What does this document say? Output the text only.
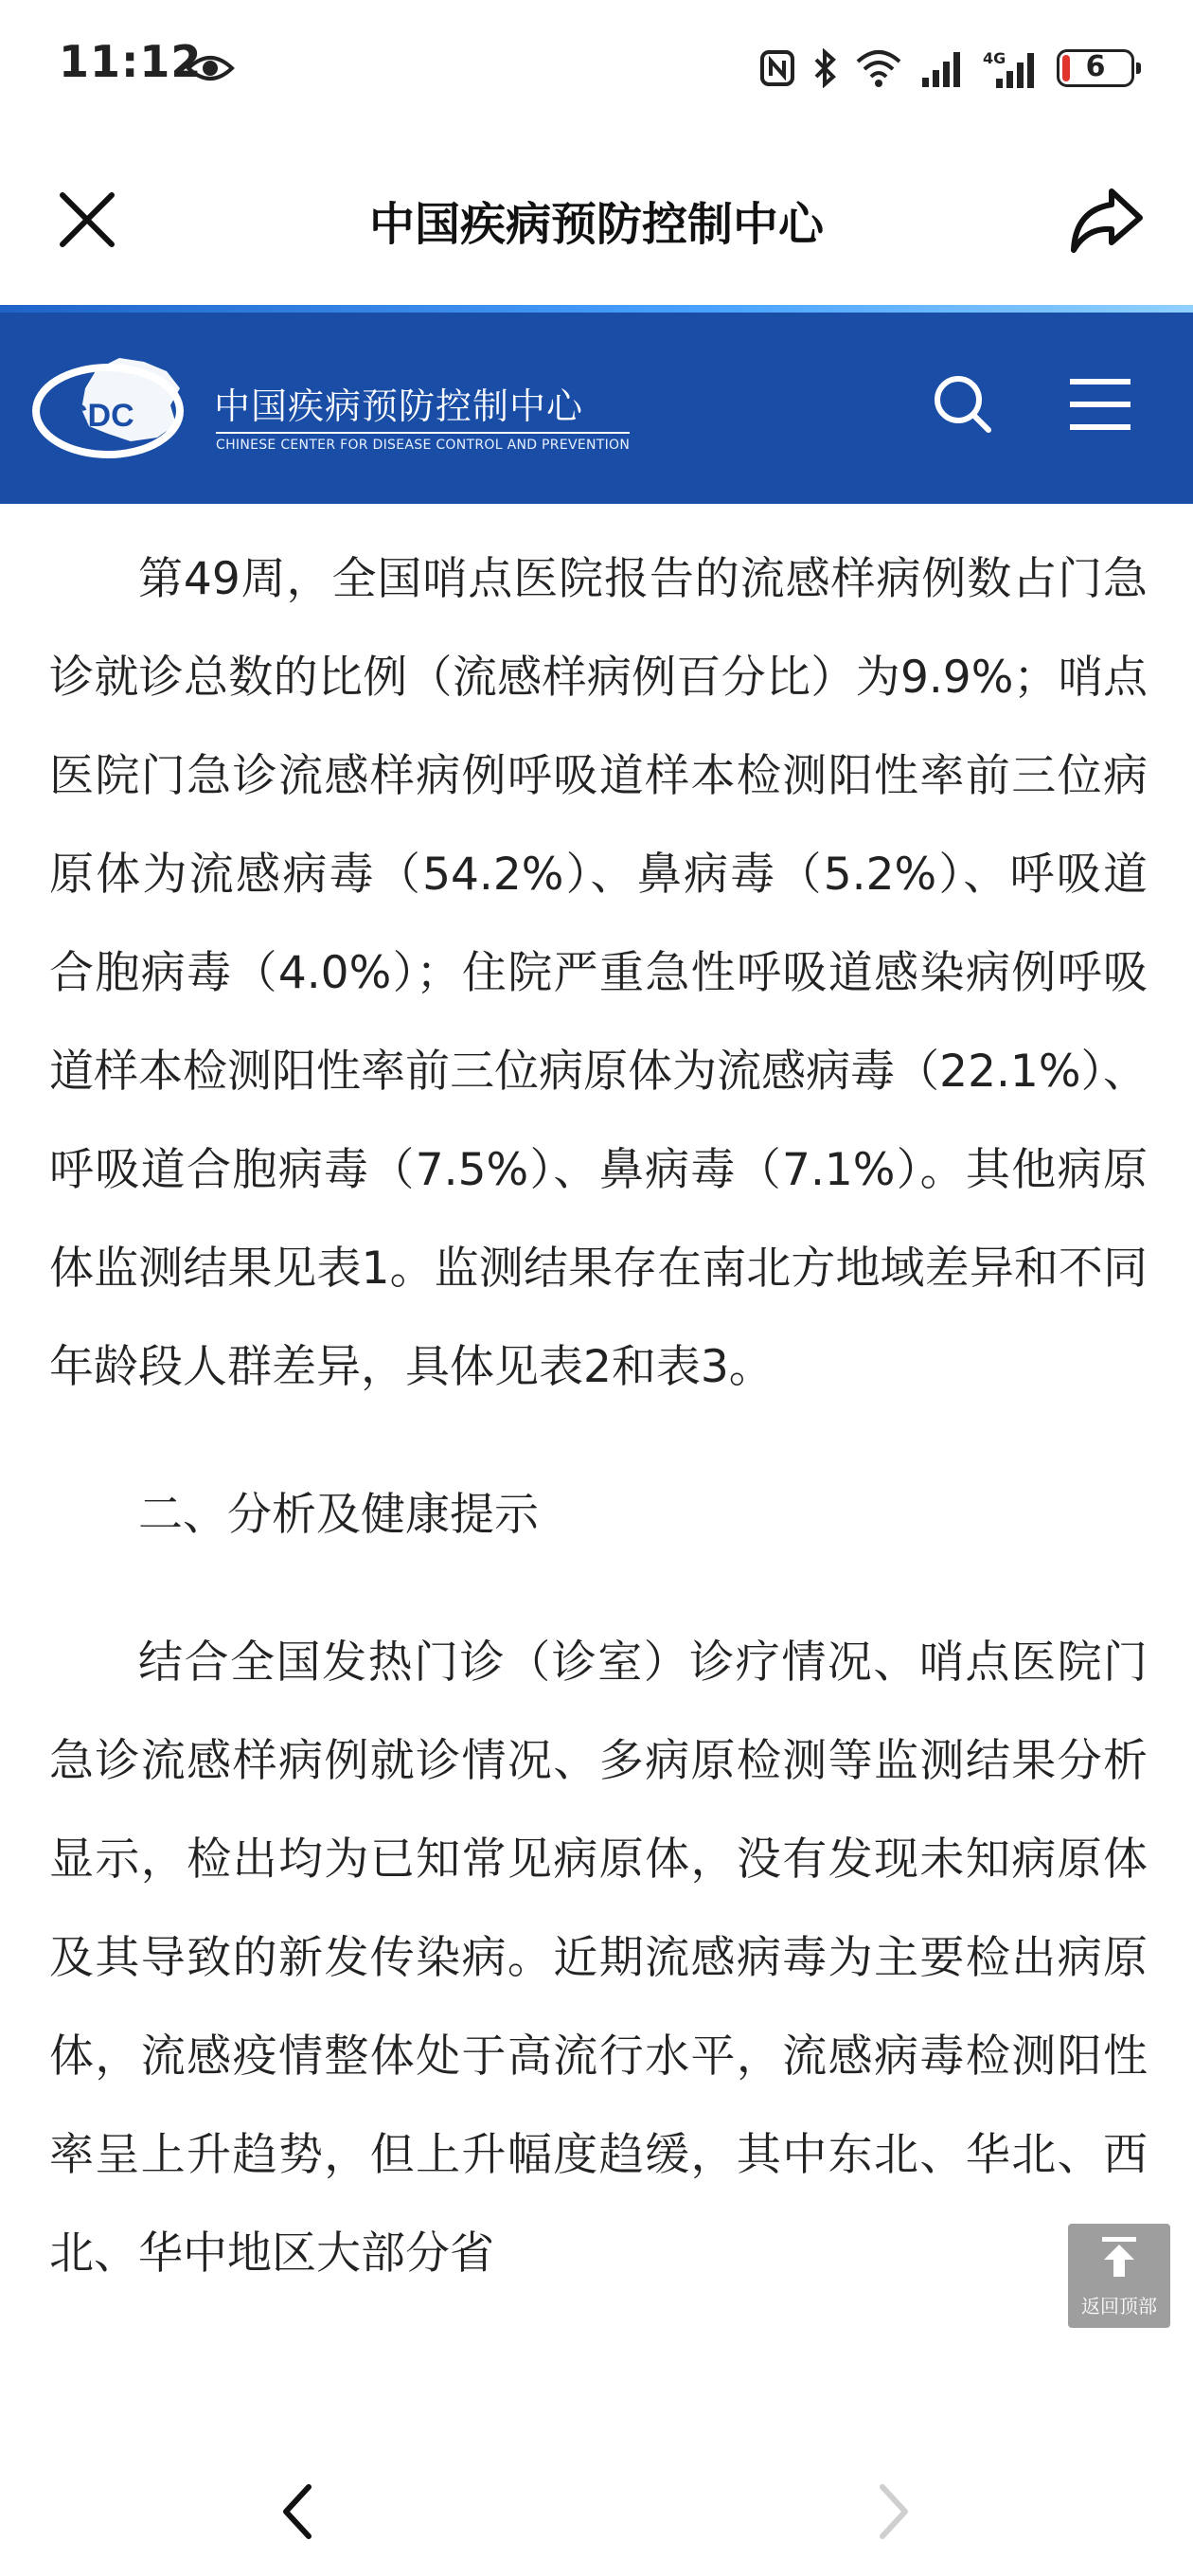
11:12	4G	6
中国疾病预防控制中心
CDC 中国疾病预防控制中心
CHINESE CENTER FOR DISEASE CONTROL AND PREVENTION

第49周，全国哨点医院报告的流感样病例数占门急诊就诊总数的比例（流感样病例百分比）为9.9%；哨点医院门急诊流感样病例呼吸道样本检测阳性率前三位病原体为流感病毒（54.2%）、鼻病毒（5.2%）、呼吸道合胞病毒（4.0%）；住院严重急性呼吸道感染病例呼吸道样本检测阳性率前三位病原体为流感病毒（22.1%）、呼吸道合胞病毒（7.5%）、鼻病毒（7.1%）。其他病原体监测结果见表1。监测结果存在南北方地域差异和不同年龄段人群差异，具体见表2和表3。

二、分析及健康提示

结合全国发热门诊（诊室）诊疗情况、哨点医院门急诊流感样病例就诊情况、多病原检测等监测结果分析显示，检出均为已知常见病原体，没有发现未知病原体及其导致的新发传染病。近期流感病毒为主要检出病原体，流感疫情整体处于高流行水平，流感病毒检测阳性率呈上升趋势，但上升幅度趋缓，其中东北、华北、西北、华中地区大部分省

返回顶部
